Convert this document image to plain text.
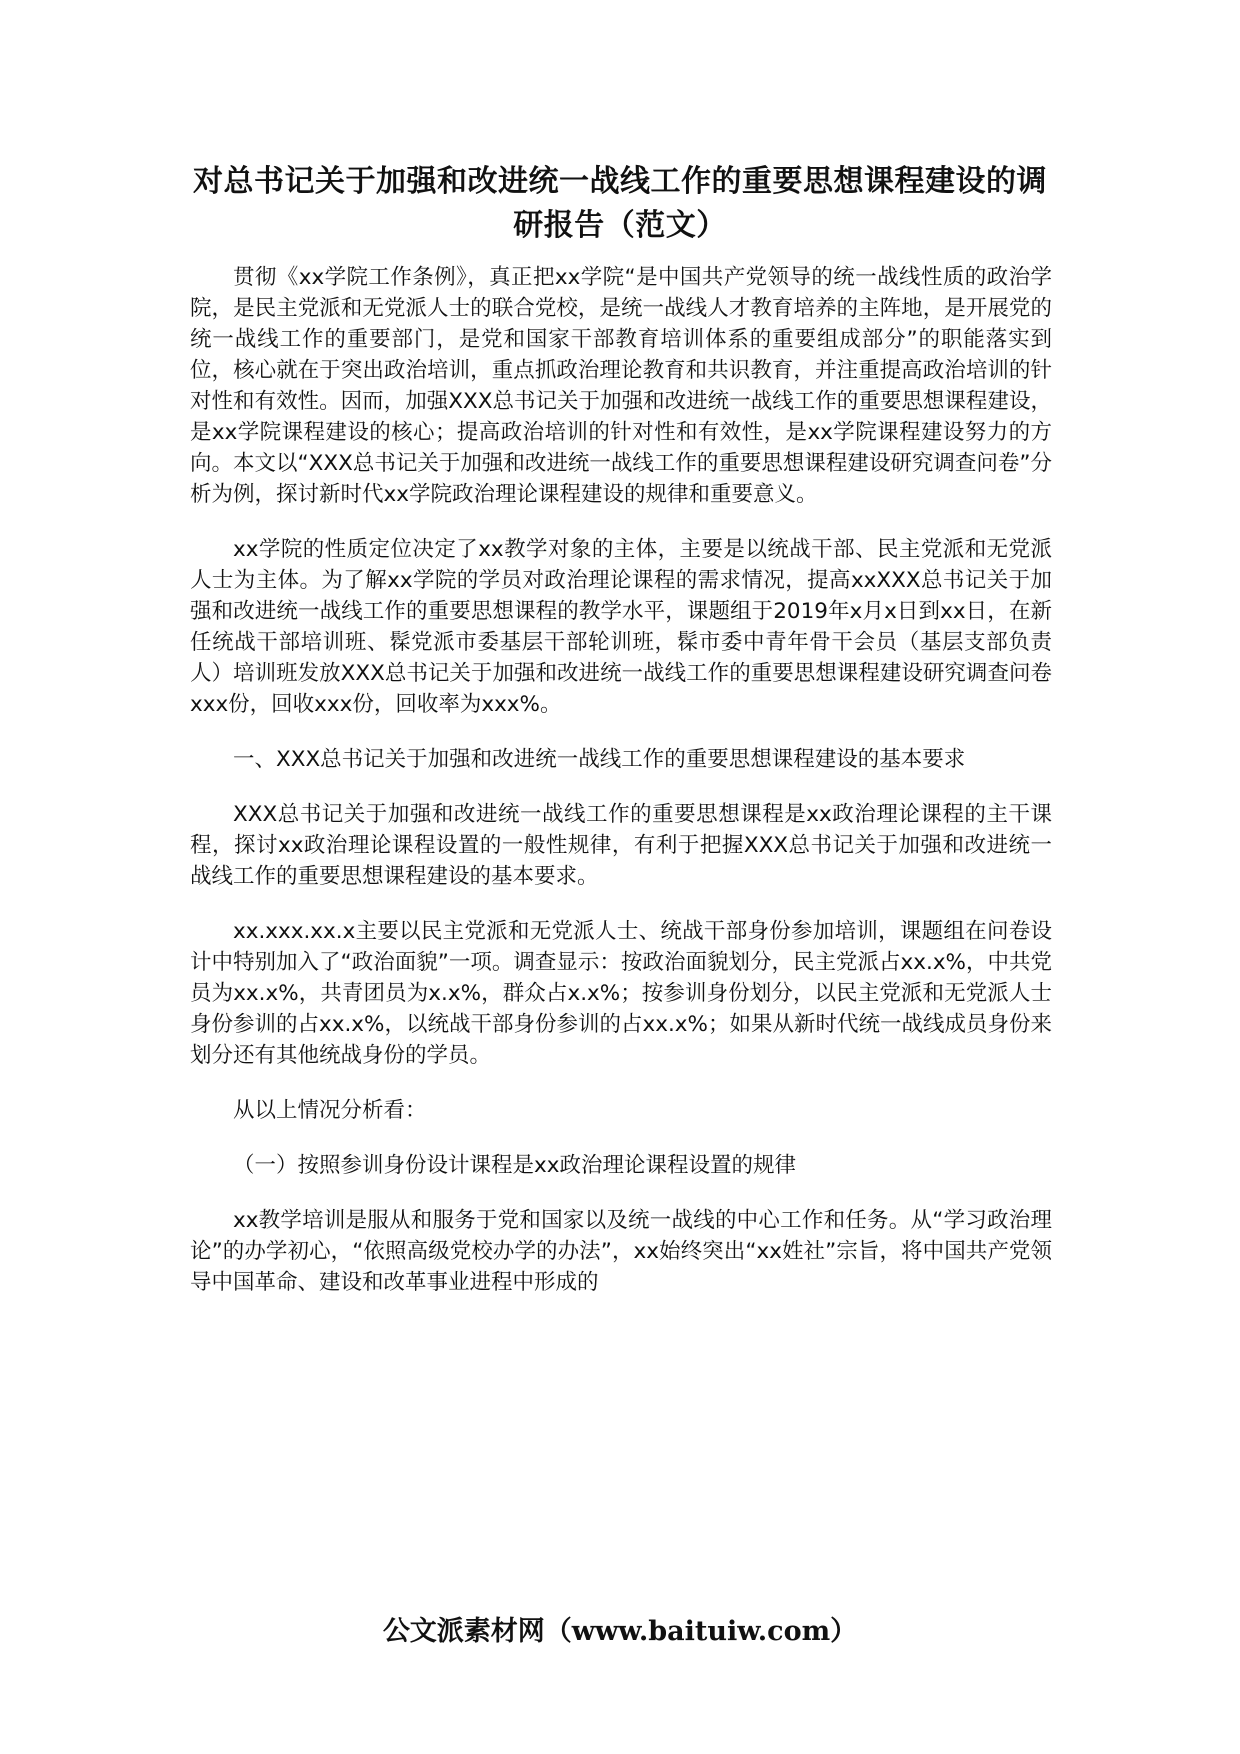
对总书记关于加强和改进统一战线工作的重要思想课程建设的调研报告（范文）

贯彻《xx学院工作条例》，真正把xx学院“是中国共产党领导的统一战线性质的政治学院，是民主党派和无党派人士的联合党校，是统一战线人才教育培养的主阵地，是开展党的统一战线工作的重要部门，是党和国家干部教育培训体系的重要组成部分”的职能落实到位，核心就在于突出政治培训，重点抓政治理论教育和共识教育，并注重提高政治培训的针对性和有效性。因而，加强XXX总书记关于加强和改进统一战线工作的重要思想课程建设，是xx学院课程建设的核心；提高政治培训的针对性和有效性，是xx学院课程建设努力的方向。本文以“XXX总书记关于加强和改进统一战线工作的重要思想课程建设研究调查问卷”分析为例，探讨新时代xx学院政治理论课程建设的规律和重要意义。

xx学院的性质定位决定了xx教学对象的主体，主要是以统战干部、民主党派和无党派人士为主体。为了解xx学院的学员对政治理论课程的需求情况，提高xxXXX总书记关于加强和改进统一战线工作的重要思想课程的教学水平，课题组于2019年x月x日到xx日，在新任统战干部培训班、髹党派市委基层干部轮训班，髹市委中青年骨干会员（基层支部负责人）培训班发放XXX总书记关于加强和改进统一战线工作的重要思想课程建设研究调查问卷xxx份，回收xxx份，回收率为xxx%。

一、XXX总书记关于加强和改进统一战线工作的重要思想课程建设的基本要求

XXX总书记关于加强和改进统一战线工作的重要思想课程是xx政治理论课程的主干课程，探讨xx政治理论课程设置的一般性规律，有利于把握XXX总书记关于加强和改进统一战线工作的重要思想课程建设的基本要求。

xx.xxx.xx.x主要以民主党派和无党派人士、统战干部身份参加培训，课题组在问卷设计中特别加入了“政治面貌”一项。调查显示：按政治面貌划分，民主党派占xx.x%，中共党员为xx.x%，共青团员为x.x%，群众占x.x%；按参训身份划分，以民主党派和无党派人士身份参训的占xx.x%，以统战干部身份参训的占xx.x%；如果从新时代统一战线成员身份来划分还有其他统战身份的学员。

从以上情况分析看：

（一）按照参训身份设计课程是xx政治理论课程设置的规律

xx教学培训是服从和服务于党和国家以及统一战线的中心工作和任务。从“学习政治理论”的办学初心，“依照高级党校办学的办法”，xx始终突出“xx姓社”宗旨，将中国共产党领导中国革命、建设和改革事业进程中形成的

公文派素材网（www.baituiw.com）
